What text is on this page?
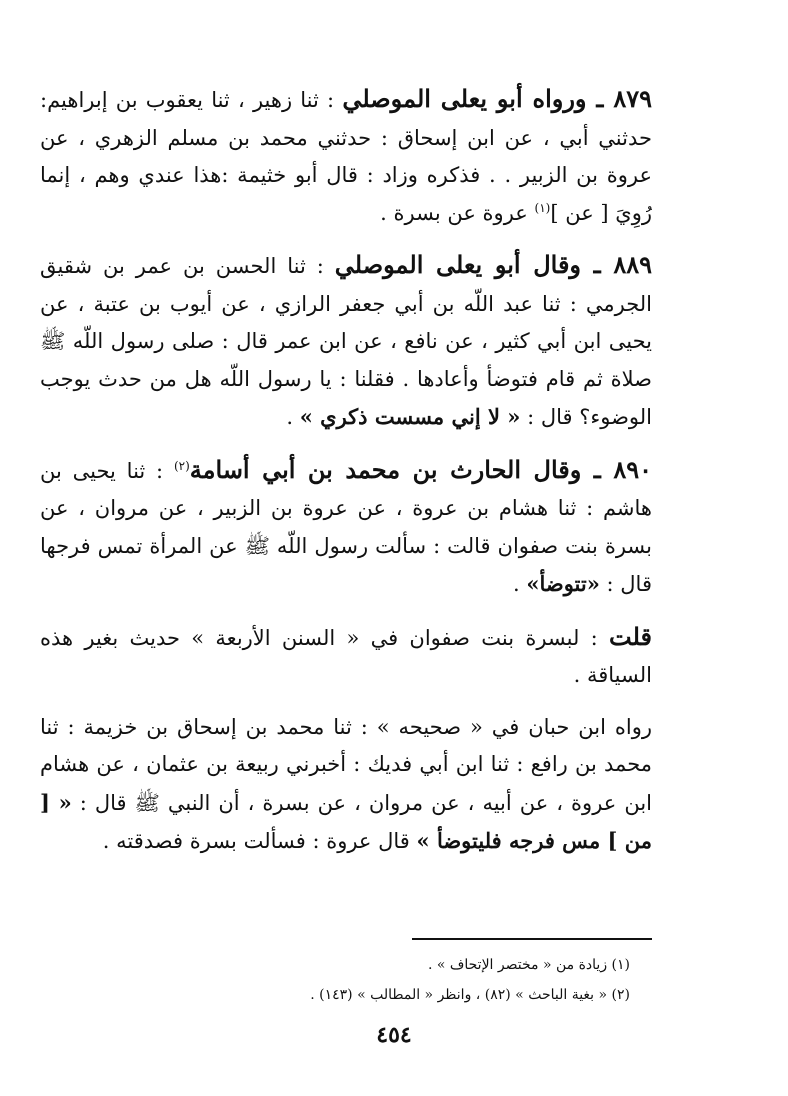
٨٧٩ ـ ورواه أبو يعلى الموصلي : ثنا زهير ، ثنا يعقوب بن إبراهيم: حدثني أبي ، عن ابن إسحاق : حدثني محمد بن مسلم الزهري ، عن عروة بن الزبير . . فذكره وزاد : قال أبو خثيمة :هذا عندي وهم ، إنما رُوِيَ [ عن ]$^{(١)}$ عروة عن بسرة .

٨٨٩ ـ وقال أبو يعلى الموصلي : ثنا الحسن بن عمر بن شقيق الجرمي : ثنا عبد اللّه بن أبي جعفر الرازي ، عن أيوب بن عتبة ، عن يحيى ابن أبي كثير ، عن نافع ، عن ابن عمر قال : صلى رسول اللّه ﷺ صلاة ثم قام فتوضأ وأعادها . فقلنا : يا رسول اللّه هل من حدث يوجب الوضوء؟ قال : « لا إني مسست ذكري » .

٨٩٠ ـ وقال الحارث بن محمد بن أبي أسامة$^{(٢)}$ : ثنا يحيى بن هاشم : ثنا هشام بن عروة ، عن عروة بن الزبير ، عن مروان ، عن بسرة بنت صفوان قالت : سألت رسول اللّه ﷺ عن المرأة تمس فرجها قال : «تتوضأ» .

قلت : لبسرة بنت صفوان في « السنن الأربعة » حديث بغير هذه السياقة .

رواه ابن حبان في « صحيحه » : ثنا محمد بن إسحاق بن خزيمة : ثنا محمد بن رافع : ثنا ابن أبي فديك : أخبرني ربيعة بن عثمان ، عن هشام ابن عروة ، عن أبيه ، عن مروان ، عن بسرة ، أن النبي ﷺ قال : « [ من ] مس فرجه فليتوضأ » قال عروة : فسألت بسرة فصدقته .

(١) زيادة من « مختصر الإتحاف » .
(٢) « بغية الباحث » (٨٢) ، وانظر « المطالب » (١٤٣) .
٤٥٤
